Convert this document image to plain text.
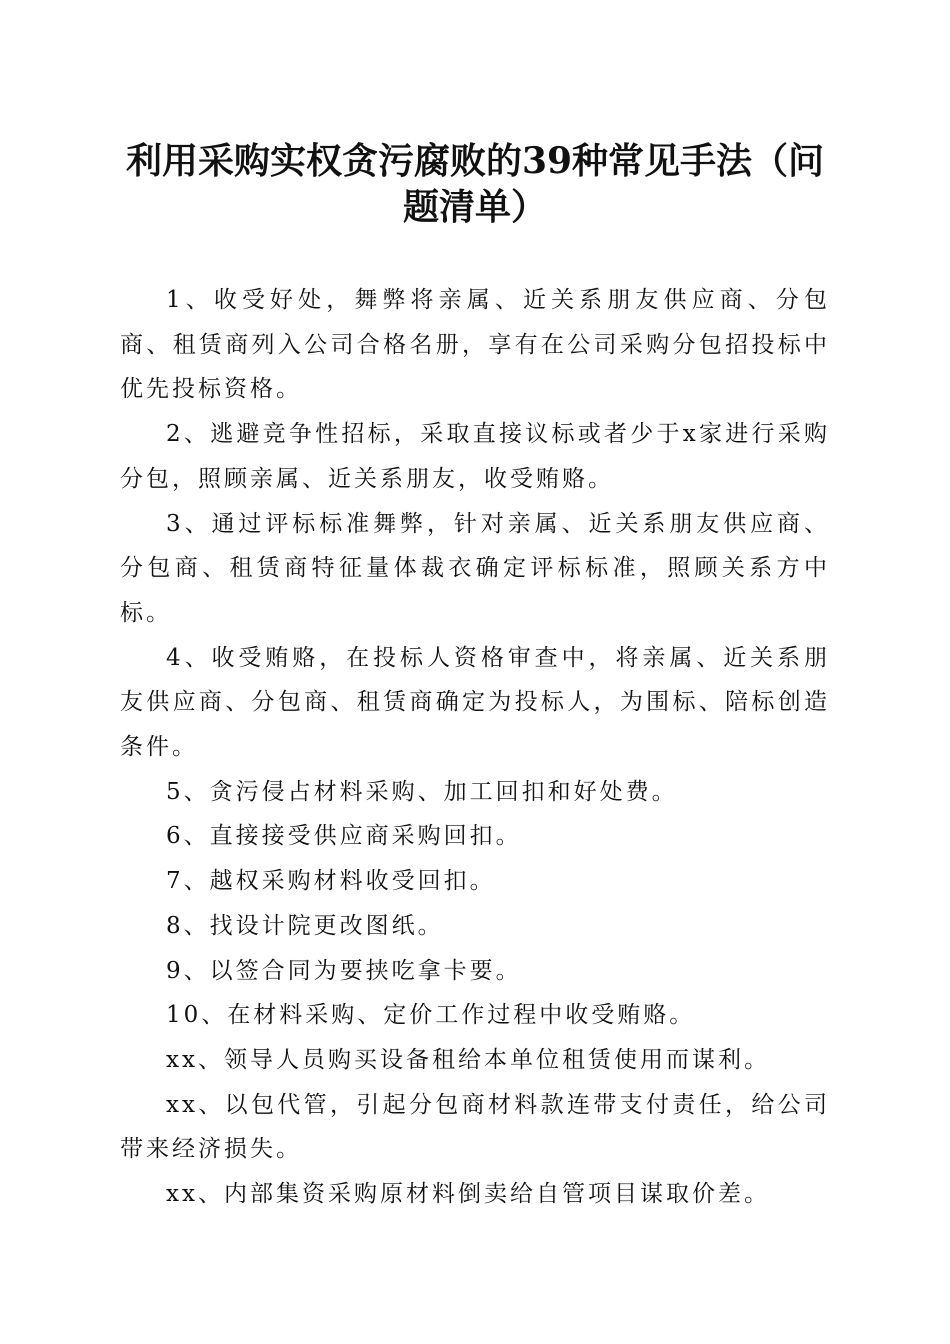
利用采购实权贪污腐败的39种常见手法（问题清单）

1、收受好处，舞弊将亲属、近关系朋友供应商、分包商、租赁商列入公司合格名册，享有在公司采购分包招投标中优先投标资格。

2、逃避竞争性招标，采取直接议标或者少于x家进行采购分包，照顾亲属、近关系朋友，收受贿赂。

3、通过评标标准舞弊，针对亲属、近关系朋友供应商、分包商、租赁商特征量体裁衣确定评标标准，照顾关系方中标。

4、收受贿赂，在投标人资格审查中，将亲属、近关系朋友供应商、分包商、租赁商确定为投标人，为围标、陪标创造条件。

5、贪污侵占材料采购、加工回扣和好处费。

6、直接接受供应商采购回扣。

7、越权采购材料收受回扣。

8、找设计院更改图纸。

9、以签合同为要挟吃拿卡要。

10、在材料采购、定价工作过程中收受贿赂。

xx、领导人员购买设备租给本单位租赁使用而谋利。

xx、以包代管，引起分包商材料款连带支付责任，给公司带来经济损失。

xx、内部集资采购原材料倒卖给自管项目谋取价差。
